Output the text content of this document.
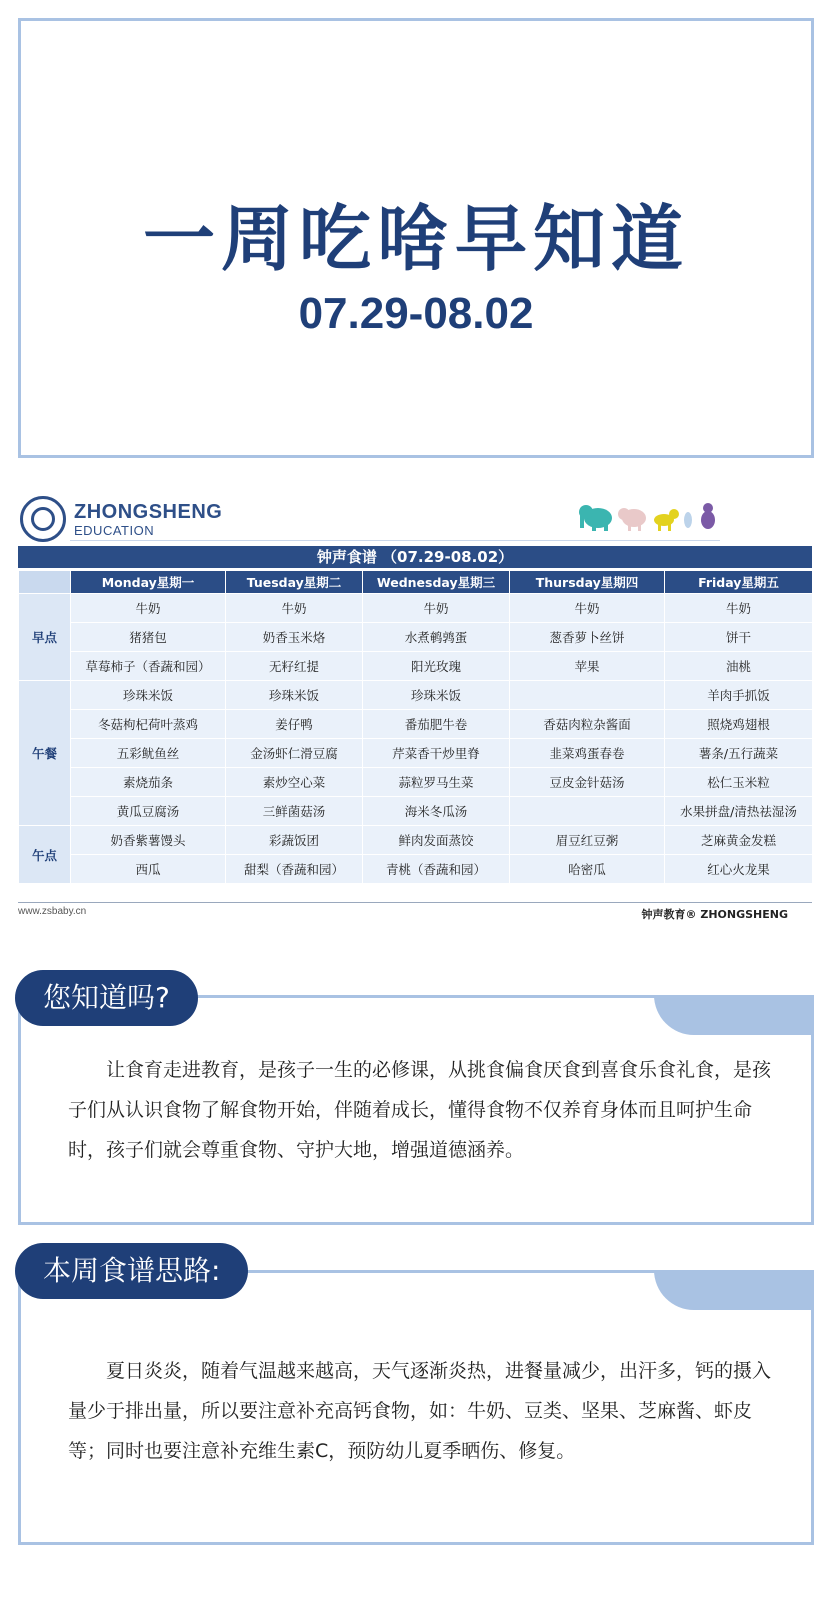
一周吃啥早知道
07.29-08.02
ZHONGSHENG
EDUCATION
钟声食谱 （07.29-08.02）
	Monday星期一	Tuesday星期二	Wednesday星期三	Thursday星期四	Friday星期五
早点	牛奶	牛奶	牛奶	牛奶	牛奶
	猪猪包	奶香玉米烙	水煮鹌鹑蛋	葱香萝卜丝饼	饼干
	草莓柿子（香蔬和园）	无籽红提	阳光玫瑰	苹果	油桃
午餐	珍珠米饭	珍珠米饭	珍珠米饭		羊肉手抓饭
	冬菇枸杞荷叶蒸鸡	姜仔鸭	番茄肥牛卷	香菇肉粒杂酱面	照烧鸡翅根
	五彩鱿鱼丝	金汤虾仁滑豆腐	芹菜香干炒里脊	韭菜鸡蛋春卷	薯条/五行蔬菜
	素烧茄条	素炒空心菜	蒜粒罗马生菜	豆皮金针菇汤	松仁玉米粒
	黄瓜豆腐汤	三鲜菌菇汤	海米冬瓜汤		水果拼盘/清热祛湿汤
午点	奶香紫薯馒头	彩蔬饭团	鲜肉发面蒸饺	眉豆红豆粥	芝麻黄金发糕
	西瓜	甜梨（香蔬和园）	青桃（香蔬和园）	哈密瓜	红心火龙果
www.zsbaby.cn	钟声教育® ZHONGSHENG
您知道吗?
让食育走进教育，是孩子一生的必修课，从挑食偏食厌食到喜食乐食礼食，是孩子们从认识食物了解食物开始，伴随着成长，懂得食物不仅养育身体而且呵护生命时，孩子们就会尊重食物、守护大地，增强道德涵养。
本周食谱思路:
夏日炎炎，随着气温越来越高，天气逐渐炎热，进餐量减少，出汗多，钙的摄入量少于排出量，所以要注意补充高钙食物，如：牛奶、豆类、坚果、芝麻酱、虾皮等；同时也要注意补充维生素C，预防幼儿夏季晒伤、修复。
